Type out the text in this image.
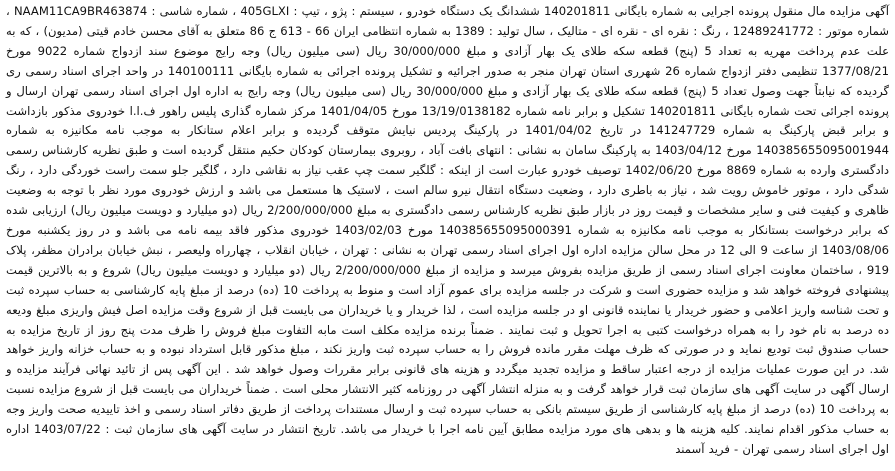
آگهی مزایده مال منقول پرونده اجرایی به شماره بایگانی 140201811 ششدانگ یک دستگاه خودرو ، سیستم : پژو ، تیپ : 405GLXI ، شماره شاسی : NAAM11CA9BR463874 ، شماره موتور : 12489241772 ، رنگ : نقره ای - نقره ای - متالیک ، سال تولید : 1389 به شماره انتظامی ایران 66 - 613 ج 86 متعلق به آقای محسن خادم قیتی (مدیون) ، که به علت عدم پرداخت مهریه به تعداد 5 (پنج) قطعه سکه طلای یک بهار آزادی و مبلغ 30/000/000 ریال (سی میلیون ریال) وجه رایج موضوع سند ازدواج شماره 9022 مورخ 1377/08/21 تنظیمی دفتر ازدواج شماره 26 شهرری استان تهران منجر به صدور اجرائیه و تشکیل پرونده اجرائی به شماره بایگانی 140100111 در واحد اجرای اسناد رسمی ری گردیده که نیابتاً جهت وصول تعداد 5 (پنج) قطعه سکه طلای یک بهار آزادی و مبلغ 30/000/000 ریال (سی میلیون ریال) وجه رایج به اداره اول اجرای اسناد رسمی تهران ارسال و پرونده اجرائی تحت شماره بایگانی 140201811 تشکیل و برابر نامه شماره 13/19/0138182 مورخ 1401/04/05 مرکز شماره گذاری پلیس راهور ف.ا.ا خودروی مذکور بازداشت و برابر قبض پارکینگ به شماره 141247729 در تاریخ 1401/04/02 در پارکینگ پردیس نیایش متوقف گردیده و برابر اعلام ستانکار به موجب نامه مکانیزه به شماره 140385655095001944 مورخ 1403/04/12 به پارکینگ سامان به نشانی : انتهای بافت آباد ، روبروی بیمارستان کودکان حکیم منتقل گردیده است و طبق نظریه کارشناس رسمی دادگستری وارده به شماره 8869 مورخ 1402/06/20 توصیف خودرو عبارت است از اینکه : گلگیر سمت چپ عقب نیاز به نقاشی دارد ، گلگیر جلو سمت راست خوردگی دارد ، رنگ شدگی دارد ، موتور خاموش رویت شد ، نیاز به باطری دارد ، وضعیت دستگاه انتقال نیرو سالم است ، لاستیک ها مستعمل می باشد و ارزش خودروی مورد نظر با توجه به وضعیت ظاهری و کیفیت فنی و سایر مشخصات و قیمت روز در بازار طبق نظریه کارشناس رسمی دادگستری به مبلغ 2/200/000/000 ریال (دو میلیارد و دویست میلیون ریال) ارزیابی شده که برابر درخواست بستانکار به موجب نامه مکانیزه به شماره 140385655095000391 مورخ 1403/02/03 خودروی مذکور فاقد بیمه نامه می باشد و در روز یکشنبه مورخ 1403/08/06 از ساعت 9 الی 12 در محل سالن مزایده اداره اول اجرای اسناد رسمی تهران به نشانی : تهران ، خیابان انقلاب ، چهارراه ولیعصر ، نبش خیابان برادران مظفر، پلاک 919 ، ساختمان معاونت اجرای اسناد رسمی از طریق مزایده بفروش میرسد و مزایده از مبلغ 2/200/000/000 ریال (دو میلیارد و دویست میلیون ریال) شروع و به بالاترین قیمت پیشنهادی فروخته خواهد شد و مزایده حضوری است و شرکت در جلسه مزایده برای عموم آزاد است و منوط به پرداخت 10 (ده) درصد از مبلغ پایه کارشناسی به حساب سپرده ثبت و تحت شناسه واریز اعلامی و حضور خریدار یا نماینده قانونی او در جلسه مزایده است ، لذا خریدار و یا خریداران می بایست قبل از شروع وقت مزایده اصل فیش واریزی مبلغ ودیعه ده درصد به نام خود را به همراه درخواست کتبی به اجرا تحویل و ثبت نمایند . ضمناً برنده مزایده مکلف است مابه التفاوت مبلغ فروش را ظرف مدت پنج روز از تاریخ مزایده به حساب صندوق ثبت تودیع نماید و در صورتی که ظرف مهلت مقرر مانده فروش را به حساب سپرده ثبت واریز نکند ، مبلغ مذکور قابل استرداد نبوده و به حساب خزانه واریز خواهد شد. در این صورت عملیات مزایده از درجه اعتبار ساقط و مزایده تجدید میگردد و هزینه های قانونی برابر مقررات وصول خواهد شد . این آگهی پس از تائید نهائی فرآیند مزایده و ارسال آگهی در سایت آگهی های سازمان ثبت قرار خواهد گرفت و به منزله انتشار آگهی در روزنامه کثیر الانتشار محلی است . ضمناً خریداران می بایست قبل از شروع مزایده نسبت به پرداخت 10 (ده) درصد از مبلغ پایه کارشناسی از طریق سیستم بانکی به حساب سپرده ثبت و ارسال مستندات پرداخت از طریق دفاتر اسناد رسمی و اخذ تاییدیه صحت واریز وجه به حساب مذکور اقدام نمایند. کلیه هزینه ها و بدهی های مورد مزایده مطابق آیین نامه اجرا با خریدار می باشد. تاریخ انتشار در سایت آگهی های سازمان ثبت : 1403/07/22 اداره اول اجرای اسناد رسمی تهران - فرید آسمند
